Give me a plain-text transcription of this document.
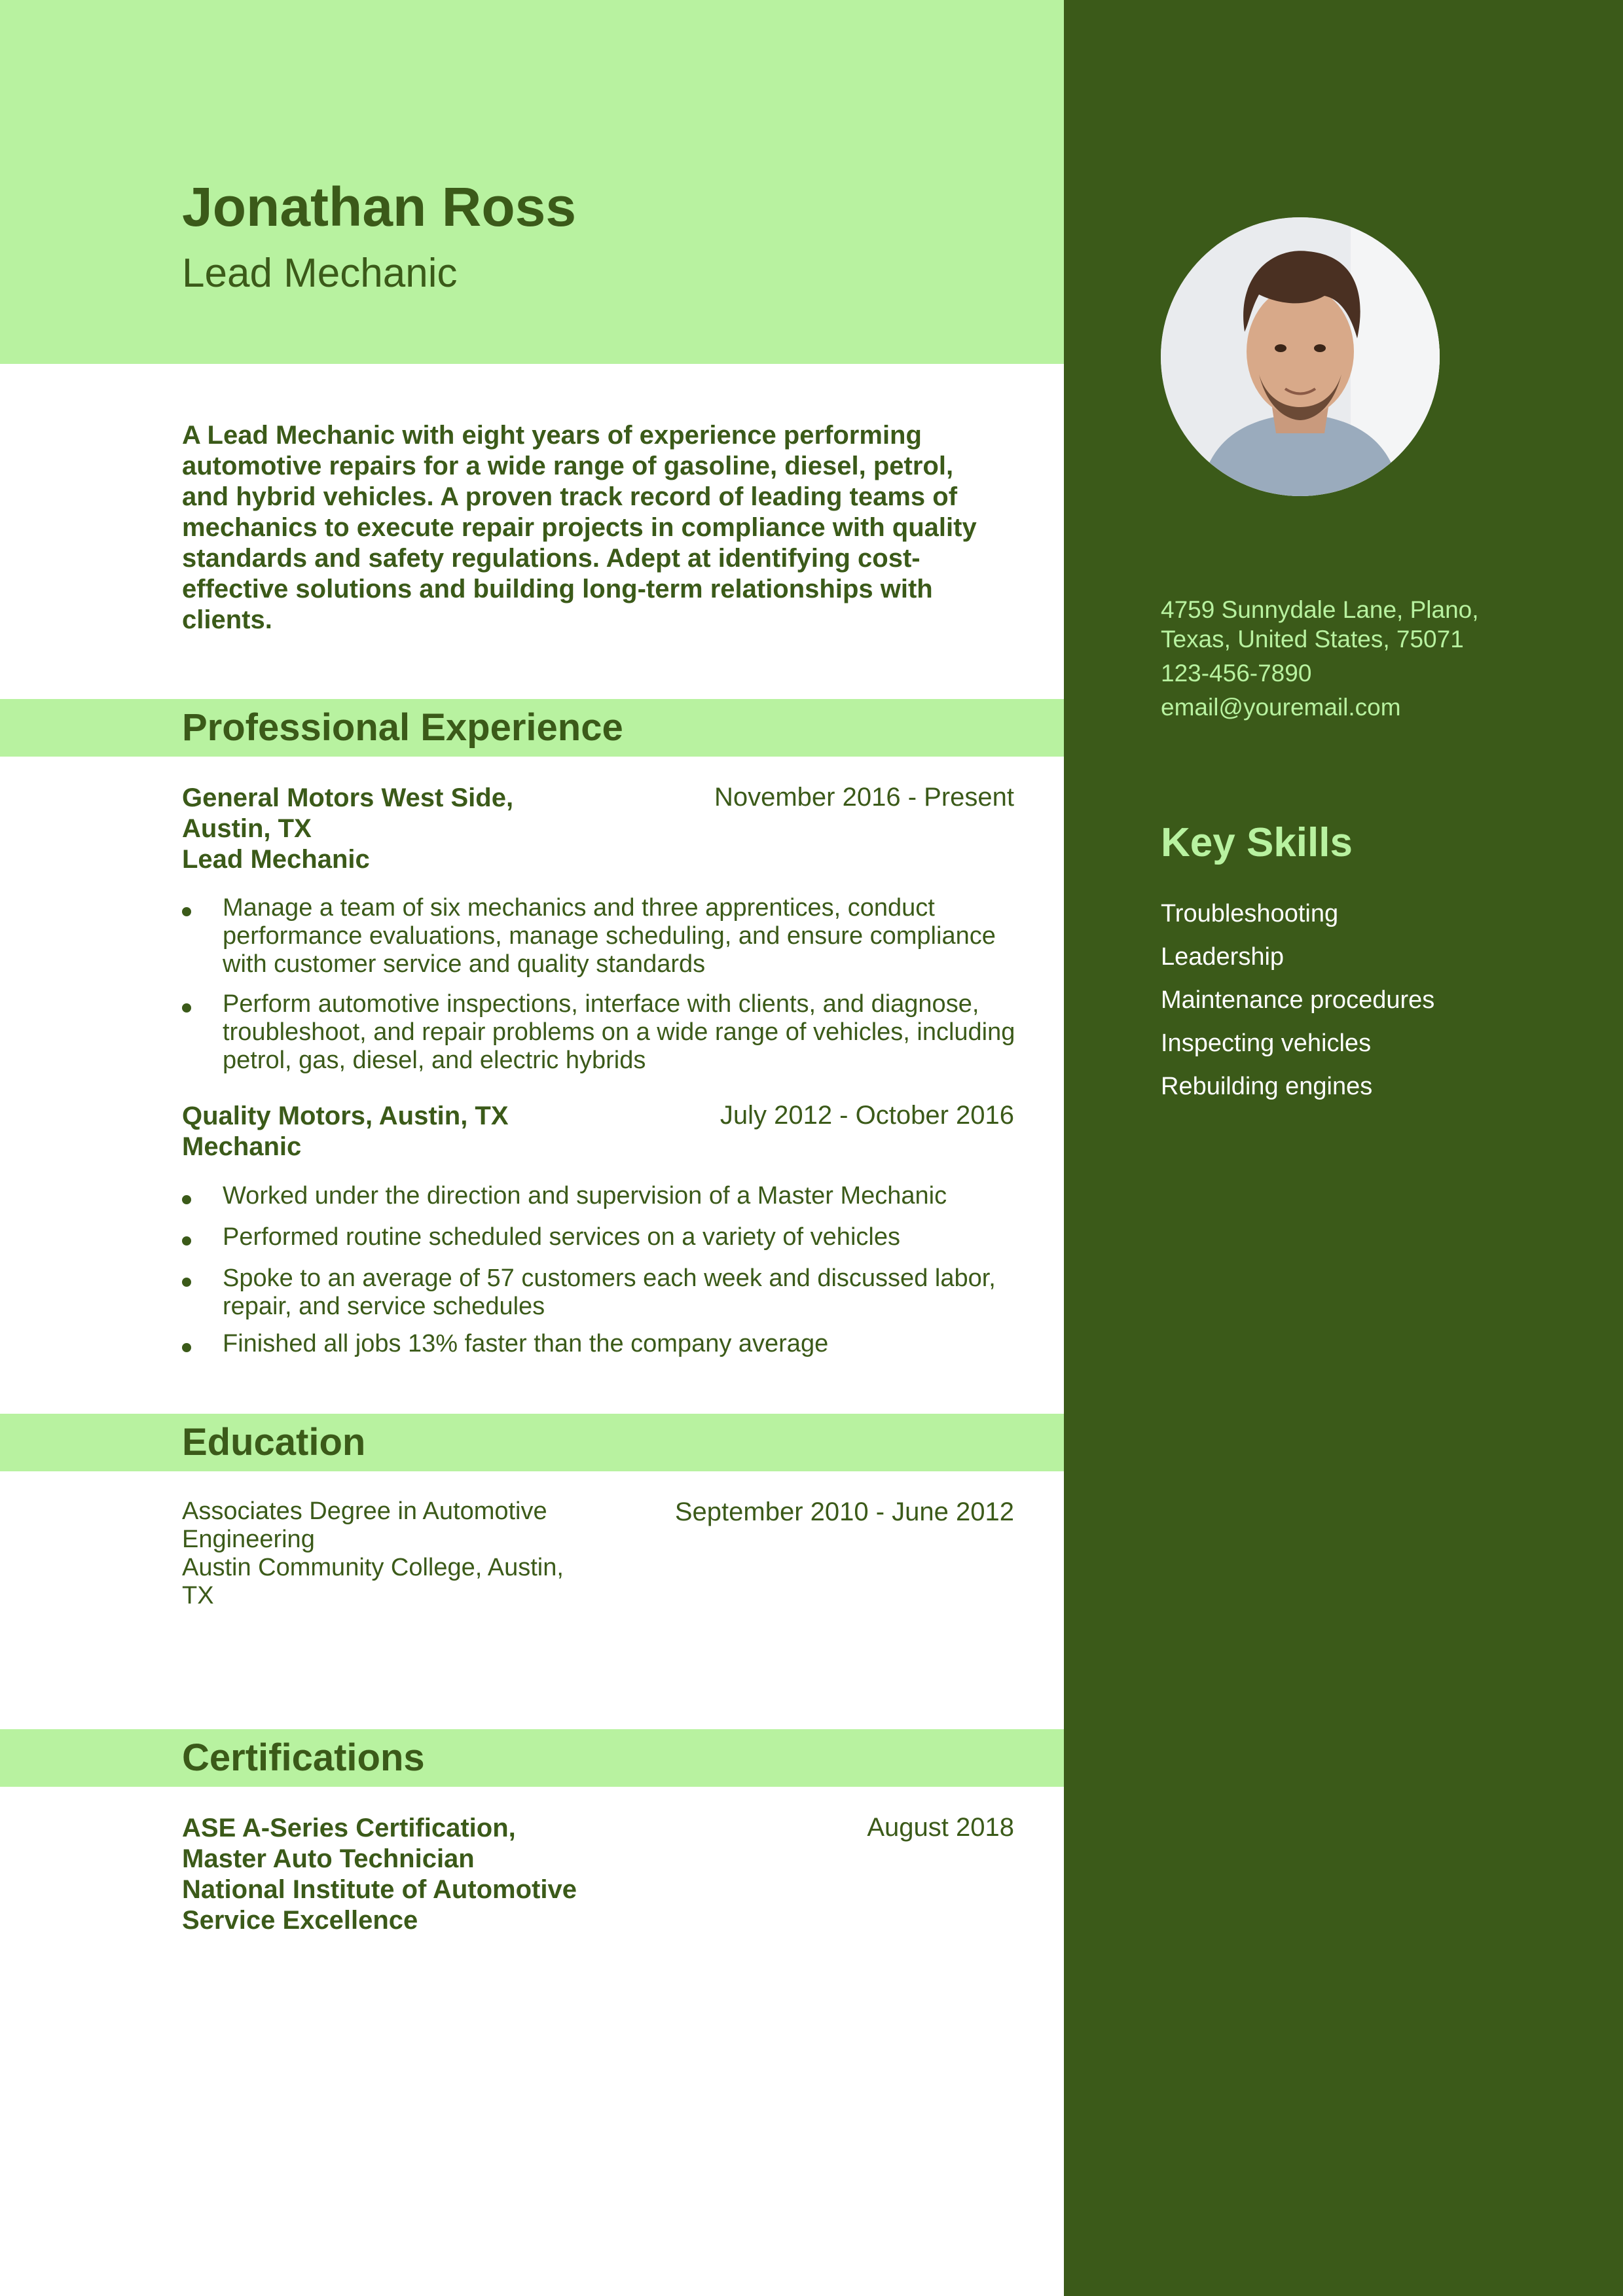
Jonathan Ross
Lead Mechanic
A Lead Mechanic with eight years of experience performing automotive repairs for a wide range of gasoline, diesel, petrol, and hybrid vehicles. A proven track record of leading teams of mechanics to execute repair projects in compliance with quality standards and safety regulations. Adept at identifying cost-effective solutions and building long-term relationships with clients.
Professional Experience
General Motors West Side,
Austin, TX
Lead Mechanic
November 2016 - Present
Manage a team of six mechanics and three apprentices, conduct performance evaluations, manage scheduling, and ensure compliance with customer service and quality standards
Perform automotive inspections, interface with clients, and diagnose, troubleshoot, and repair problems on a wide range of vehicles, including petrol, gas, diesel, and electric hybrids
Quality Motors, Austin, TX
Mechanic
July 2012 - October 2016
Worked under the direction and supervision of a Master Mechanic
Performed routine scheduled services on a variety of vehicles
Spoke to an average of 57 customers each week and discussed labor, repair, and service schedules
Finished all jobs 13% faster than the company average
Education
Associates Degree in Automotive
Engineering
Austin Community College, Austin,
TX
September 2010 - June 2012
Certifications
ASE A-Series Certification,
Master Auto Technician
National Institute of Automotive
Service Excellence
August 2018
4759 Sunnydale Lane, Plano,
Texas, United States, 75071
123-456-7890
email@youremail.com
Key Skills
Troubleshooting
Leadership
Maintenance procedures
Inspecting vehicles
Rebuilding engines
